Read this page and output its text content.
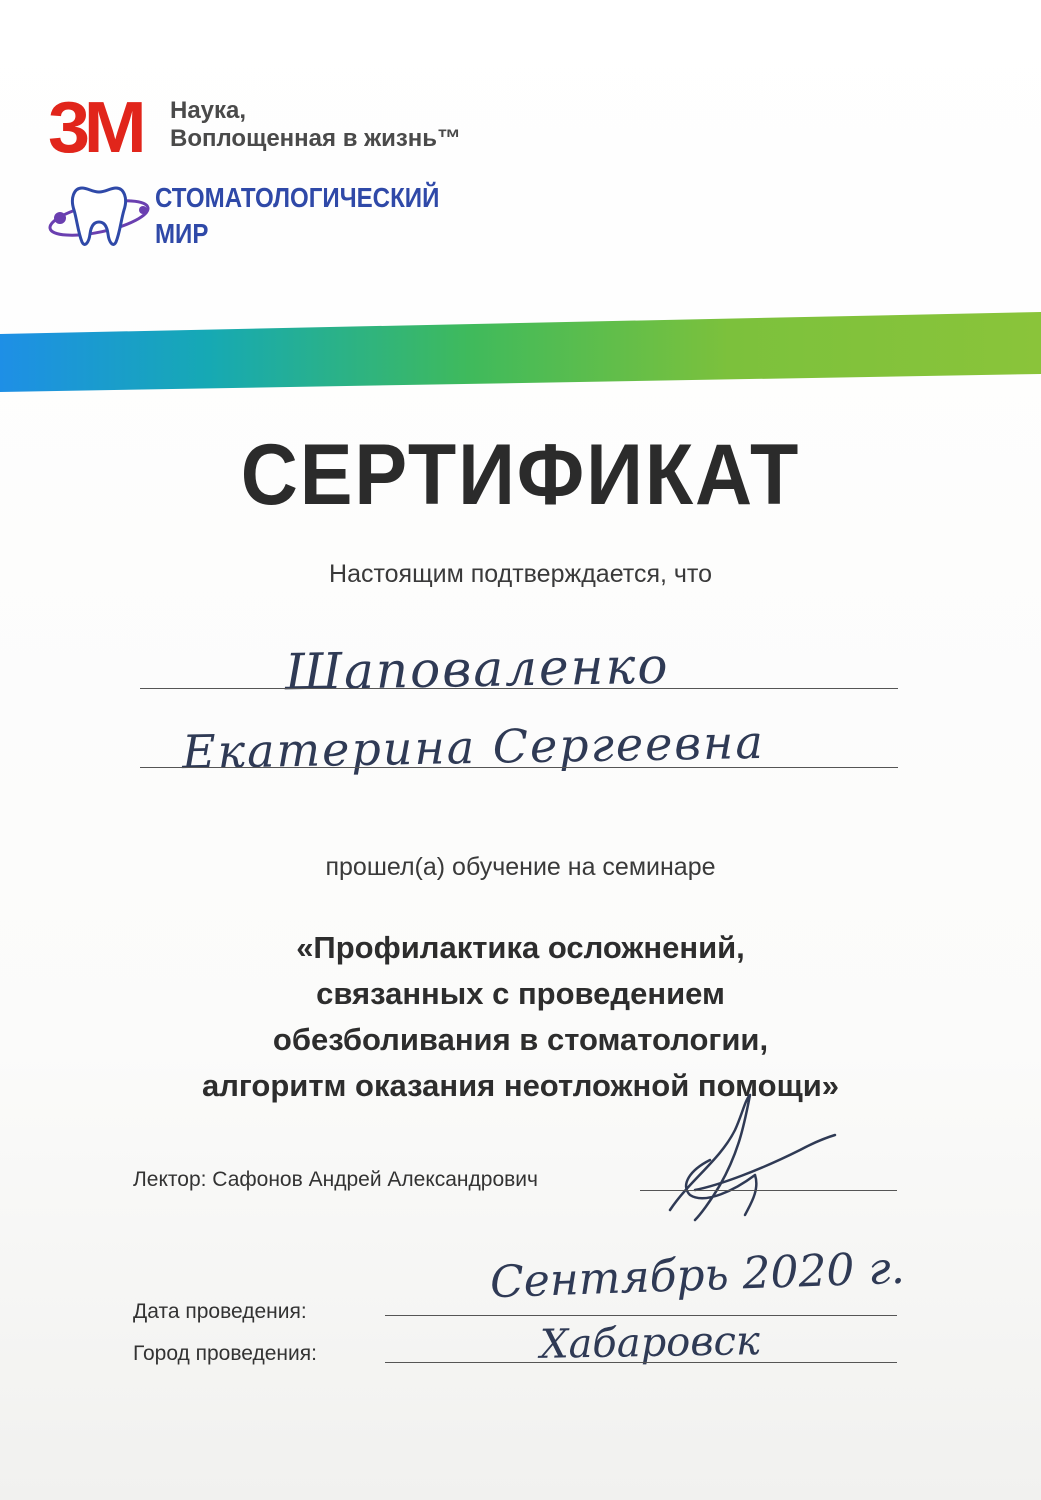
3M Наука,
Воплощенная в жизнь™
СТОМАТОЛОГИЧЕСКИЙ
МИР
СЕРТИФИКАТ
Настоящим подтверждается, что
Шаповаленко
Екатерина Сергеевна
прошел(а) обучение на семинаре
«Профилактика осложнений,
связанных с проведением
обезболивания в стоматологии,
алгоритм оказания неотложной помощи»
Лектор: Сафонов Андрей Александрович
Дата проведения:
Сентябрь 2020 г.
Город проведения:	Хабаровск
